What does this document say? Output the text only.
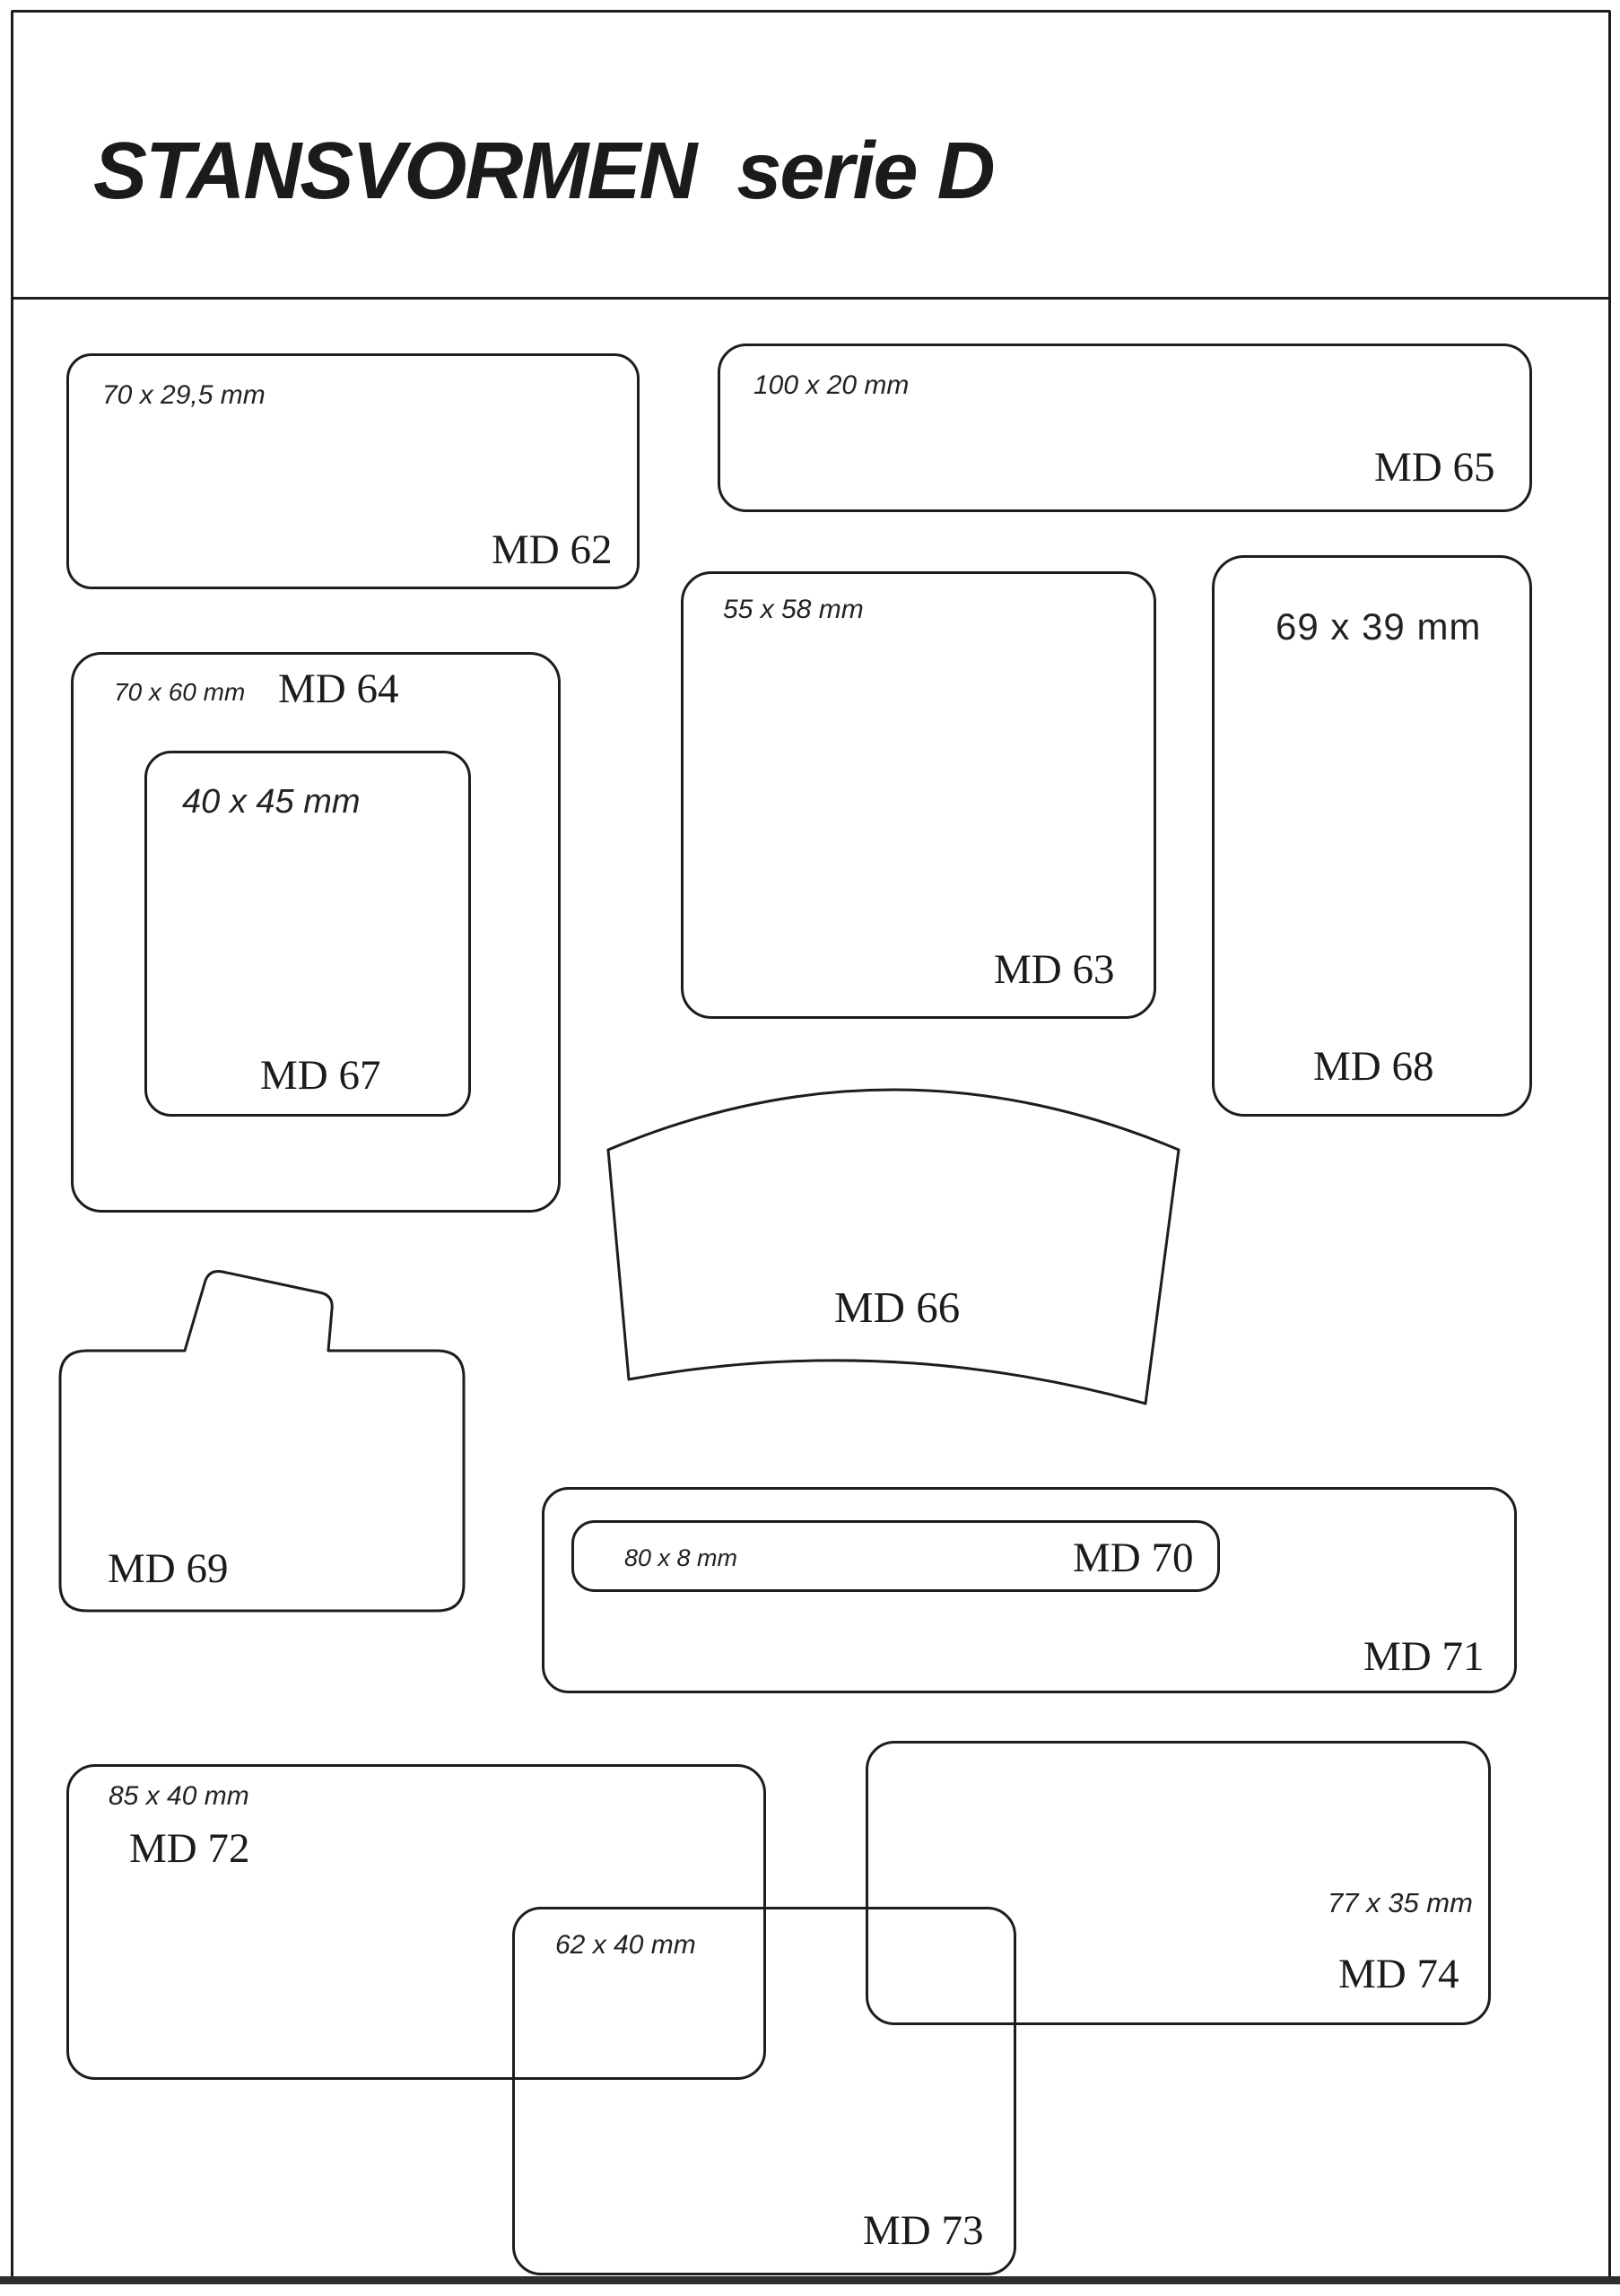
STANSVORMEN  serie D
70 x 29,5 mm	100 x 20 mm
55 x 58 mm	69 x 39 mm
70 x 60 mm
40 x 45 mm
80 x 8 mm
85 x 40 mm
62 x 40 mm
77 x 35 mm
MD 62
MD 65
MD 63
MD 68
MD 64
MD 67
MD 66
MD 69	MD 70
MD 71
MD 72
MD 73
MD 74
